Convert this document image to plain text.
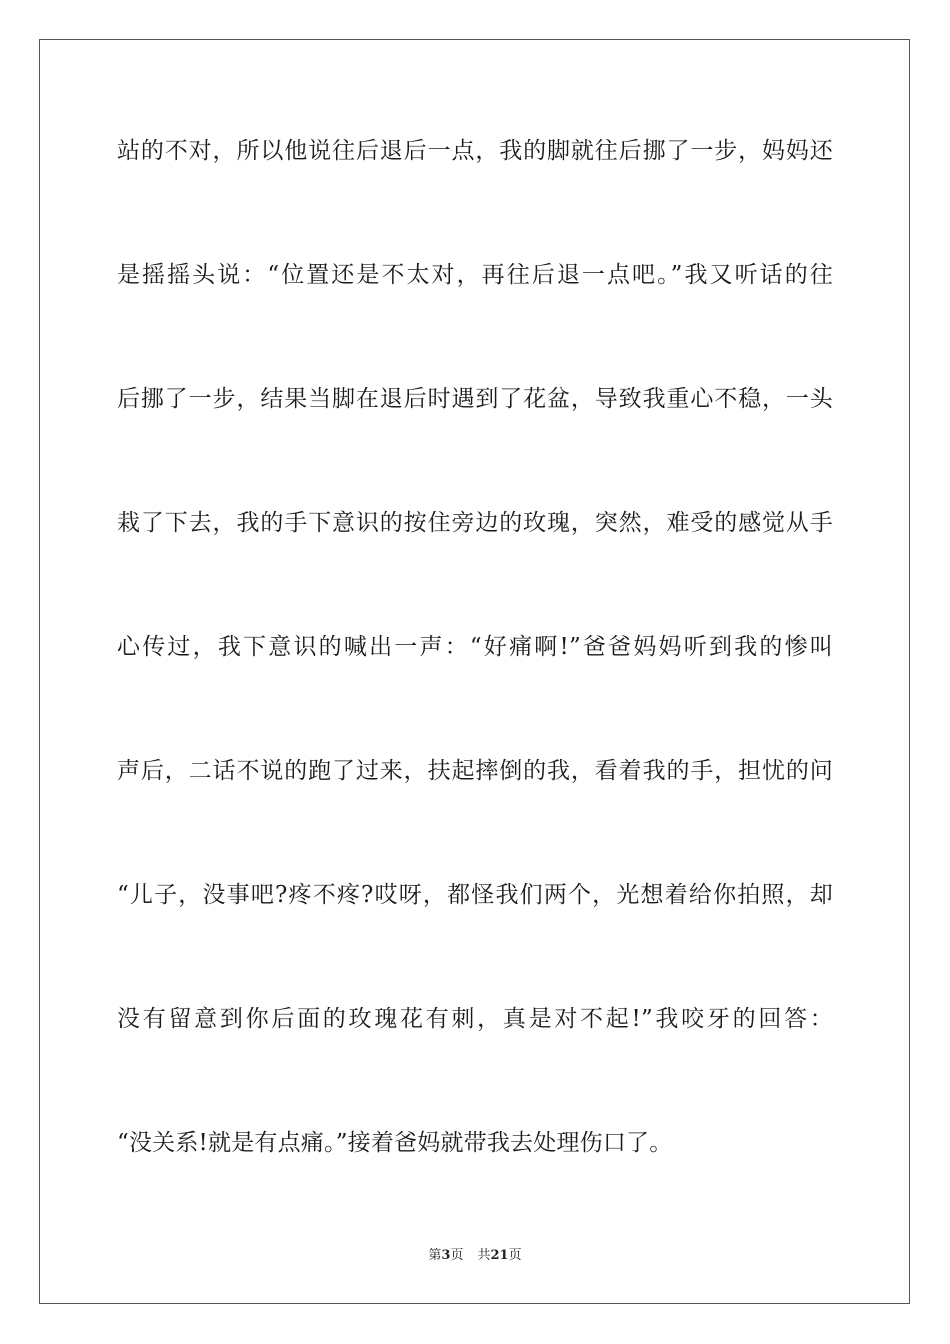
站的不对，所以他说往后退后一点，我的脚就往后挪了一步，妈妈还
是摇摇头说：“位置还是不太对，再往后退一点吧。”我又听话的往
后挪了一步，结果当脚在退后时遇到了花盆，导致我重心不稳，一头
栽了下去，我的手下意识的按住旁边的玫瑰，突然，难受的感觉从手
心传过，我下意识的喊出一声：“好痛啊!”爸爸妈妈听到我的惨叫
声后，二话不说的跑了过来，扶起摔倒的我，看着我的手，担忧的问
“儿子，没事吧?疼不疼?哎呀，都怪我们两个，光想着给你拍照，却
没有留意到你后面的玫瑰花有刺，真是对不起!”我咬牙的回答：
“没关系!就是有点痛。”接着爸妈就带我去处理伤口了。
第3页 共21页
